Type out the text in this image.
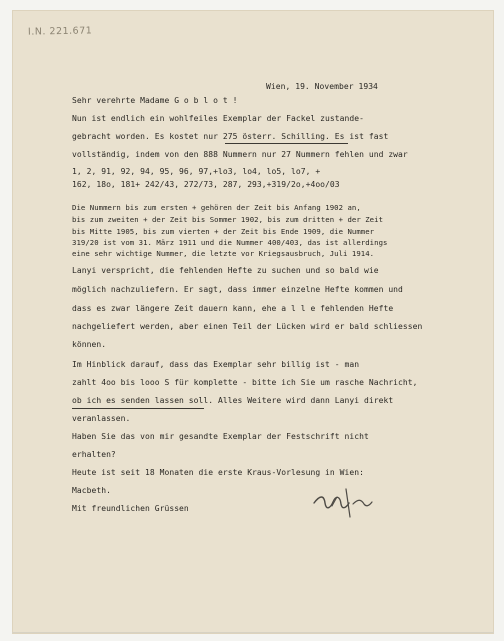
I.N. 221.671
Wien, 19. November 1934
Sehr verehrte Madame G o b l o t !
Nun ist endlich ein wohlfeiles Exemplar der Fackel zustande-
gebracht worden. Es kostet nur 275 österr. Schilling. Es ist fast
vollständig, indem von den 888 Nummern nur 27 Nummern fehlen und zwar
1, 2, 91, 92, 94, 95, 96, 97,+lo3, lo4, lo5, lo7, +
162, 18o, 181+ 242/43, 272/73, 287, 293,+319/2o,+4oo/03
Die Nummern bis zum ersten + gehören der Zeit bis Anfang 1902 an,
bis zum zweiten + der Zeit bis Sommer 1902, bis zum dritten + der Zeit
bis Mitte 1905, bis zum vierten + der Zeit bis Ende 1909, die Nummer
319/20 ist vom 31. März 1911 und die Nummer 400/403, das ist allerdings
eine sehr wichtige Nummer, die letzte vor Kriegsausbruch, Juli 1914.
Lanyi verspricht, die fehlenden Hefte zu suchen und so bald wie
möglich nachzuliefern. Er sagt, dass immer einzelne Hefte kommen und
dass es zwar längere Zeit dauern kann, ehe a l l e fehlenden Hefte
nachgeliefert werden, aber einen Teil der Lücken wird er bald schliessen
können.
Im Hinblick darauf, dass das Exemplar sehr billig ist - man
zahlt 4oo bis looo S für komplette - bitte ich Sie um rasche Nachricht,
ob ich es senden lassen soll. Alles Weitere wird dann Lanyi direkt
veranlassen.
Haben Sie das von mir gesandte Exemplar der Festschrift nicht
erhalten?
Heute ist seit 18 Monaten die erste Kraus-Vorlesung in Wien:
Macbeth.
Mit freundlichen Grüssen
